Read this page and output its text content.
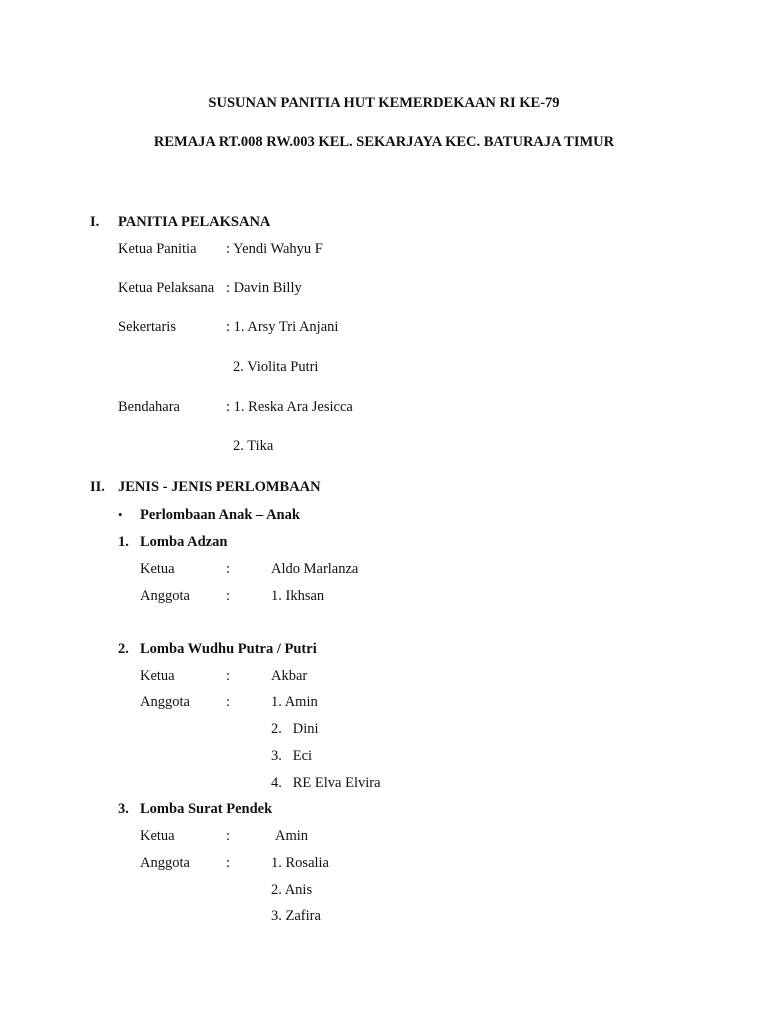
SUSUNAN PANITIA HUT KEMERDEKAAN RI KE-79
REMAJA RT.008 RW.003 KEL. SEKARJAYA KEC. BATURAJA TIMUR
I. PANITIA PELAKSANA
Ketua Panitia : Yendi Wahyu F
Ketua Pelaksana : Davin Billy
Sekertaris	: 1. Arsy Tri Anjani
2. Violita Putri
Bendahara	: 1. Reska Ara Jesicca
2. Tika
II. JENIS - JENIS PERLOMBAAN
• Perlombaan Anak – Anak
1. Lomba Adzan
Ketua	:	Aldo Marlanza
Anggota :	1. Ikhsan
2. Lomba Wudhu Putra / Putri
Ketua	:	Akbar
Anggota :	1. Amin
2.   Dini
3.   Eci
4.   RE Elva Elvira
3. Lomba Surat Pendek
Ketua	:	Amin
Anggota :	1. Rosalia
2. Anis
3. Zafira
